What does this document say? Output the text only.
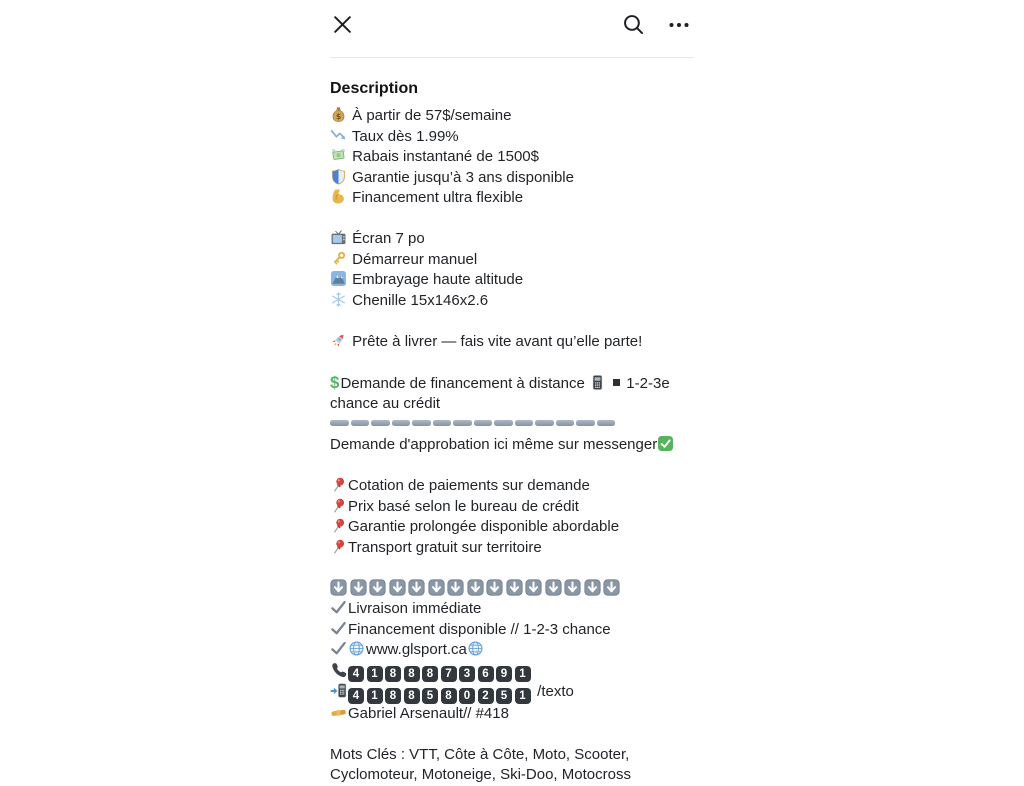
Description
$ À partir de 57$/semaine
Taux dès 1.99%
Rabais instantané de 1500$
Garantie jusqu’à 3 ans disponible
Financement ultra flexible
Écran 7 po
Démarreur manuel
Embrayage haute altitude
Chenille 15x146x2.6
Prête à livrer — fais vite avant qu’elle parte!
$Demande de financement à distance
1-2-3e chance au crédit
Demande d'approbation ici même sur messenger
Cotation de paiements sur demande
Prix basé selon le bureau de crédit
Garantie prolongée disponible abordable
Transport gratuit sur territoire
Livraison immédiate
Financement disponible // 1-2-3 chance
www.glsport.ca
4 1 8 8 8 7 3 6 9 1
4 1 8 8 5 8 0 2 5 1 /texto
Gabriel Arsenault// #418
Mots Clés : VTT, Côte à Côte, Moto, Scooter, Cyclomoteur, Motoneige, Ski-Doo, Motocross
